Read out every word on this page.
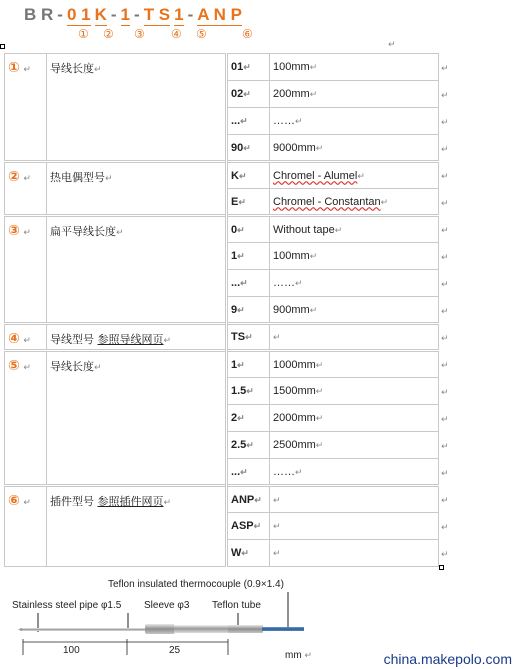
B R - 0 1 K - 1 - T S 1 - A N P
① ② ③ ④ ⑤	⑥
↵
① ↵	导线长度↵	01↵	100mm↵	↵
		02↵	200mm↵	↵
		...↵	……↵	↵
		90↵	9000mm↵	↵
② ↵	热电偶型号↵	K↵	Chromel - Alumel↵	↵
		E↵	Chromel - Constantan↵	↵
③ ↵	扁平导线长度↵	0↵	Without tape↵	↵
		1↵	100mm↵	↵
		...↵	……↵	↵
		9↵	900mm↵	↵
④ ↵	导线型号 参照导线网页↵	TS↵	↵	↵
⑤ ↵	导线长度↵	1↵	1000mm↵	↵
		1.5↵	1500mm↵	↵
		2↵	2000mm↵	↵
		2.5↵	2500mm↵	↵
		...↵	……↵	↵
⑥ ↵	插件型号 参照插件网页↵	ANP↵	↵	↵
		ASP↵	↵	↵
		W↵	↵	↵
Teflon insulated thermocouple (0.9×1.4)
Stainless steel pipe φ1.5 Sleeve φ3 Teflon tube
100	25	mm ↵	china.makepolo.com
